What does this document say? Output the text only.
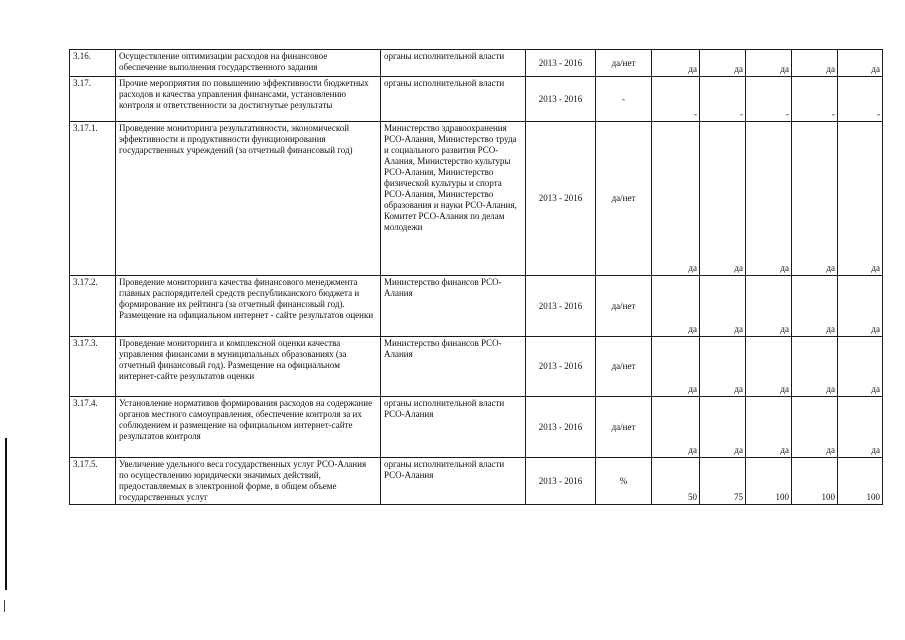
3.16.	Осуществление оптимизации расходов на финансовое обеспечение выполнения государственного задания	органы исполнительной власти	2013 - 2016	да/нет	да	да	да	да	да
3.17.	Прочие мероприятия по повышению эффективности бюджетных расходов и качества управления финансами, установлению контроля и ответственности за достигнутые результаты	органы исполнительной власти	2013 - 2016	-	-	-	-	-	-
3.17.1.	Проведение мониторинга результативности, экономической эффективности и продуктивности функционирования государственных учреждений (за отчетный финансовый год)	Министерство здравоохранения РСО-Алания, Министерство труда и социального развития РСО-Алания, Министерство культуры РСО-Алания, Министерство физической культуры и спорта РСО-Алания, Министерство образования и науки РСО-Алания, Комитет РСО-Алания по делам молодежи	2013 - 2016	да/нет	да	да	да	да	да
3.17.2.	Проведение мониторинга качества финансового менеджмента главных распорядителей средств республиканского бюджета и формирование их рейтинга (за отчетный финансовый год). Размещение на официальном интернет - сайте результатов оценки	Министерство финансов РСО-Алания	2013 - 2016	да/нет	да	да	да	да	да
3.17.3.	Проведение мониторинга и комплексной оценки качества управления финансами в муниципальных образованиях (за отчетный финансовый год). Размещение на официальном интернет-сайте результатов оценки	Министерство финансов РСО-Алания	2013 - 2016	да/нет	да	да	да	да	да
3.17.4.	Установление нормативов формирования расходов на содержание органов местного самоуправления, обеспечение контроля за их соблюдением и размещение на официальном интернет-сайте результатов контроля	органы исполнительной власти РСО-Алания	2013 - 2016	да/нет	да	да	да	да	да
3.17.5.	Увеличение удельного веса государственных услуг РСО-Алания по осуществлению юридически значимых действий, предоставляемых в электронной форме, в общем объеме государственных услуг	органы исполнительной власти РСО-Алания	2013 - 2016	%	50	75	100	100	100
